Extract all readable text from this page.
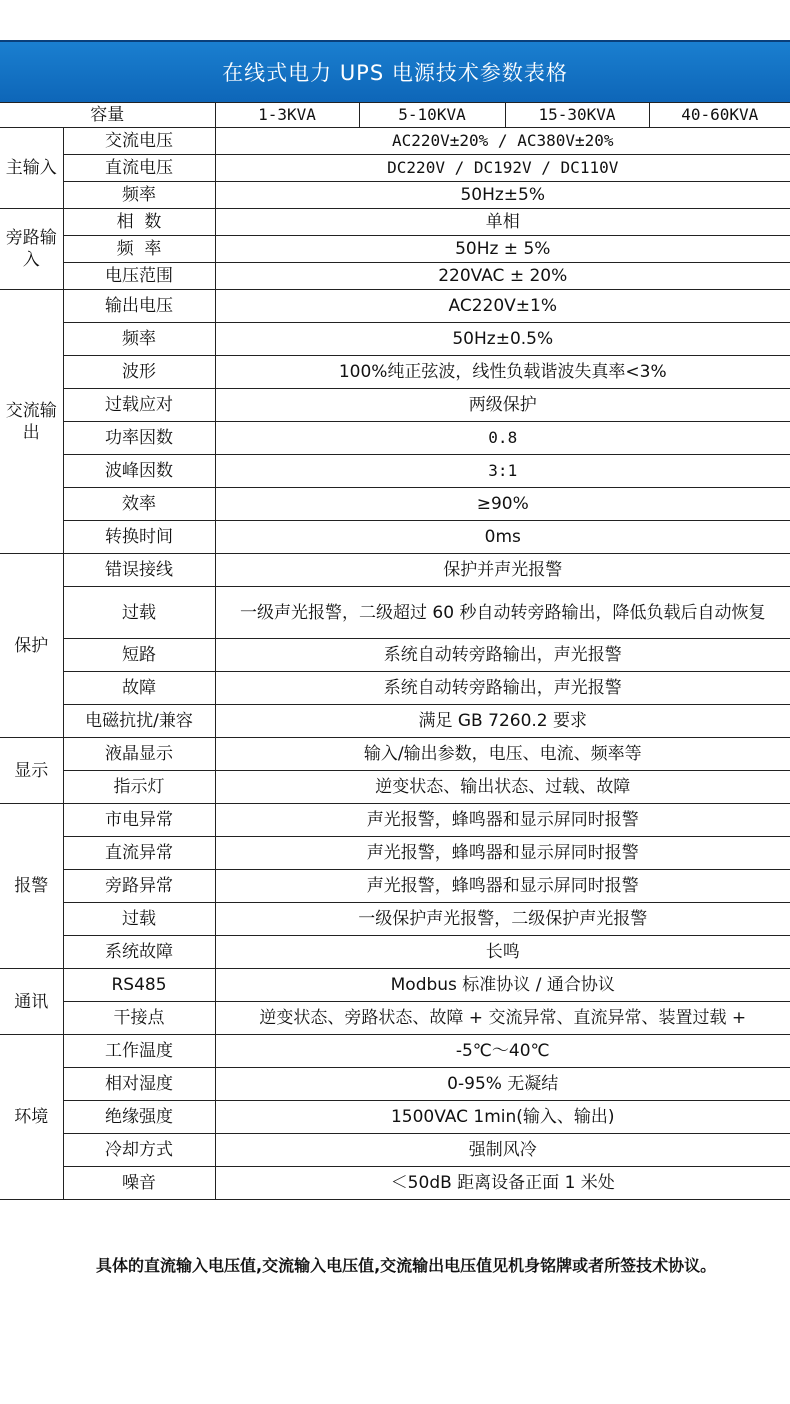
在线式电力 UPS 电源技术参数表格
容量		1-3KVA	5-10KVA	15-30KVA	40-60KVA
主输入	交流电压	AC220V±20% / AC380V±20%			
	直流电压	DC220V / DC192V / DC110V			
	频率	50Hz±5%			
旁路输入	相  数	单相			
	频  率	50Hz ± 5%			
	电压范围	220VAC ± 20%			
交流输出	输出电压	AC220V±1%			
	频率	50Hz±0.5%			
	波形	100%纯正弦波，线性负载谐波失真率<3%			
	过载应对	两级保护			
	功率因数	0.8			
	波峰因数	3:1			
	效率	≥90%			
	转换时间	0ms			
保护	错误接线	保护并声光报警			
	过载	一级声光报警，二级超过 60 秒自动转旁路输出，降低负载后自动恢复			
	短路	系统自动转旁路输出，声光报警			
	故障	系统自动转旁路输出，声光报警			
	电磁抗扰/兼容	满足 GB 7260.2 要求			
显示	液晶显示	输入/输出参数，电压、电流、频率等			
	指示灯	逆变状态、输出状态、过载、故障			
报警	市电异常	声光报警，蜂鸣器和显示屏同时报警			
	直流异常	声光报警，蜂鸣器和显示屏同时报警			
	旁路异常	声光报警，蜂鸣器和显示屏同时报警			
	过载	一级保护声光报警，二级保护声光报警			
	系统故障	长鸣			
通讯	RS485	Modbus 标准协议 / 通合协议			
	干接点	逆变状态、旁路状态、故障 + 交流异常、直流异常、装置过载 +			
环境	工作温度	-5℃～40℃			
	相对湿度	0-95% 无凝结			
	绝缘强度	1500VAC 1min(输入、输出)			
	冷却方式	强制风冷			
	噪音	＜50dB 距离设备正面 1 米处			
具体的直流输入电压值,交流输入电压值,交流输出电压值见机身铭牌或者所签技术协议。
